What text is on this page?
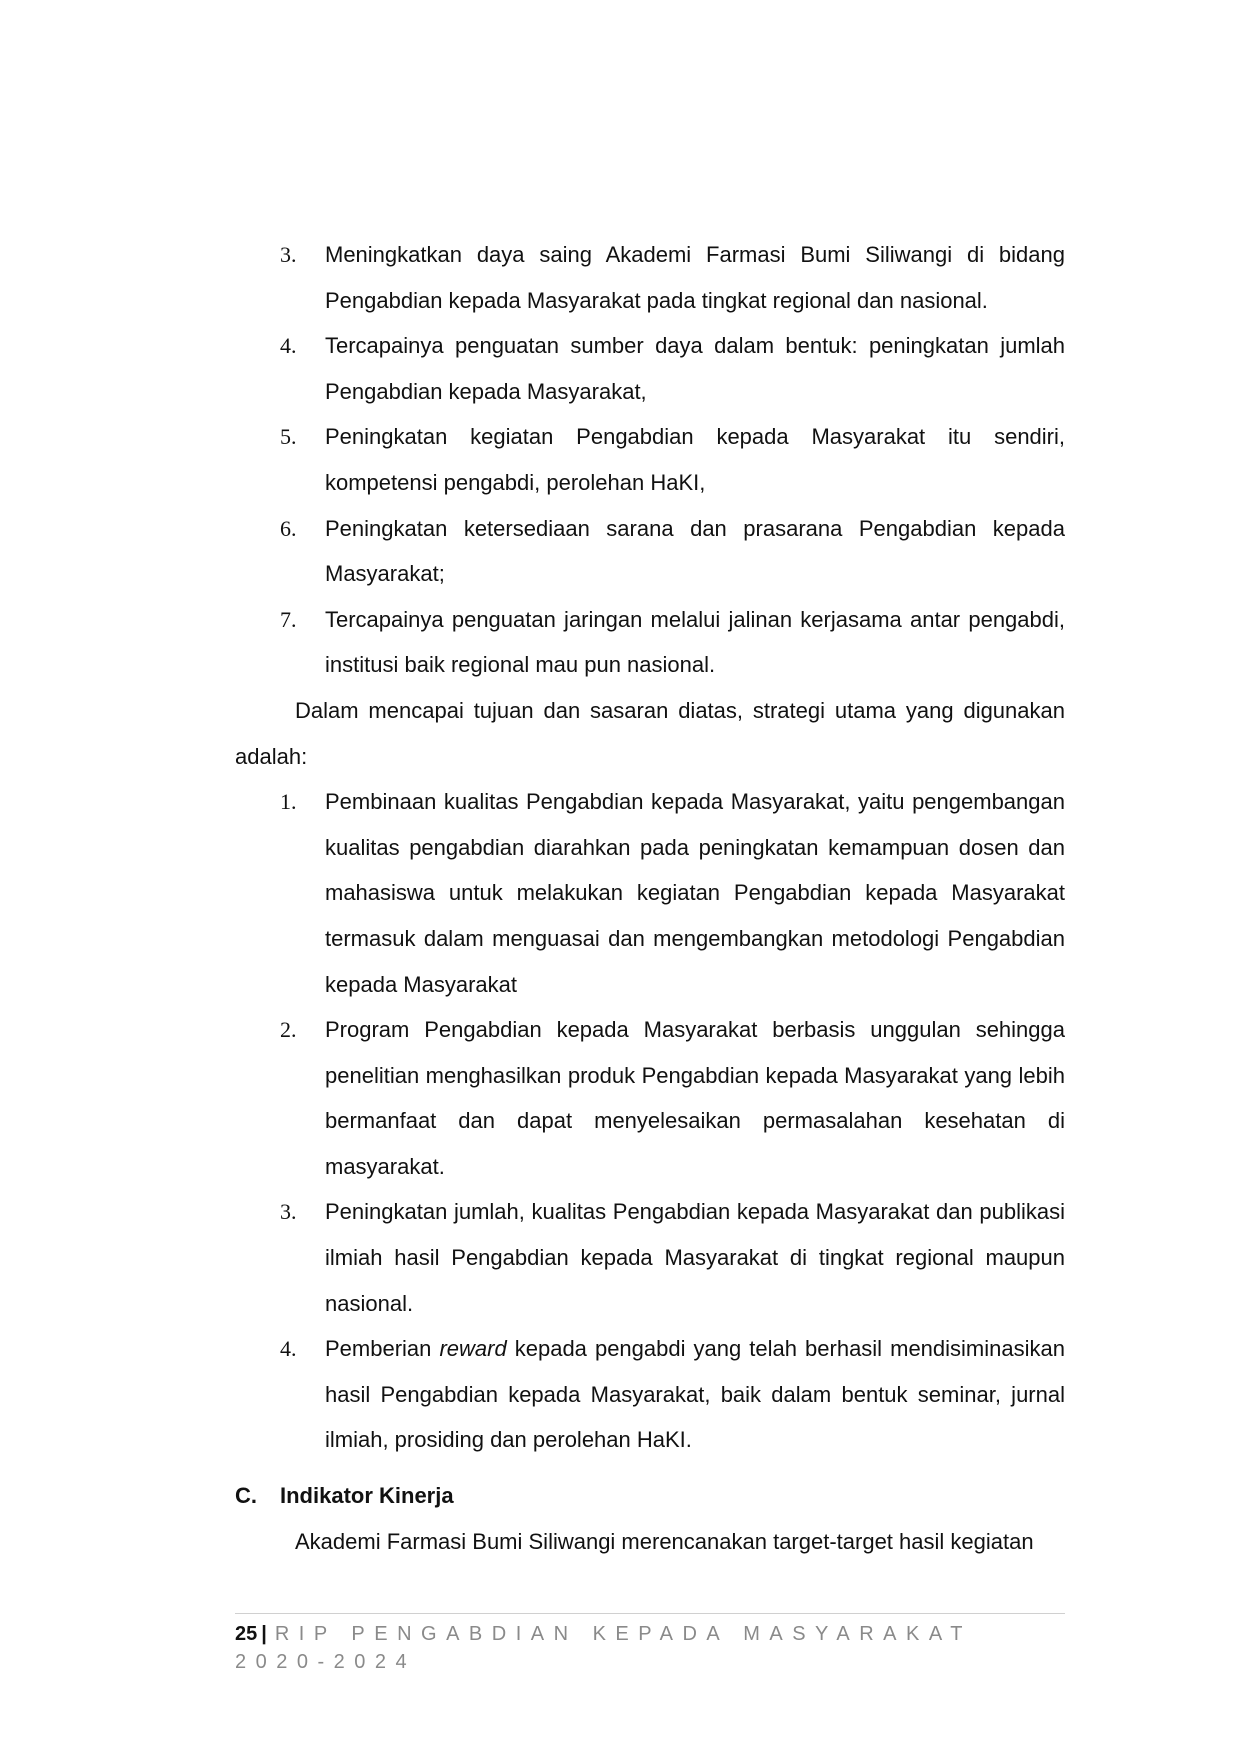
3. Meningkatkan daya saing Akademi Farmasi Bumi Siliwangi di bidang Pengabdian kepada Masyarakat pada tingkat regional dan nasional.
4. Tercapainya penguatan sumber daya dalam bentuk: peningkatan jumlah Pengabdian kepada Masyarakat,
5. Peningkatan kegiatan Pengabdian kepada Masyarakat itu sendiri, kompetensi pengabdi, perolehan HaKI,
6. Peningkatan ketersediaan sarana dan prasarana Pengabdian kepada Masyarakat;
7. Tercapainya penguatan jaringan melalui jalinan kerjasama antar pengabdi, institusi baik regional mau pun nasional.

Dalam mencapai tujuan dan sasaran diatas, strategi utama yang digunakan adalah:

1. Pembinaan kualitas Pengabdian kepada Masyarakat, yaitu pengembangan kualitas pengabdian diarahkan pada peningkatan kemampuan dosen dan mahasiswa untuk melakukan kegiatan Pengabdian kepada Masyarakat termasuk dalam menguasai dan mengembangkan metodologi Pengabdian kepada Masyarakat
2. Program Pengabdian kepada Masyarakat berbasis unggulan sehingga penelitian menghasilkan produk Pengabdian kepada Masyarakat yang lebih bermanfaat dan dapat menyelesaikan permasalahan kesehatan di masyarakat.
3. Peningkatan jumlah, kualitas Pengabdian kepada Masyarakat dan publikasi ilmiah hasil Pengabdian kepada Masyarakat di tingkat regional maupun nasional.
4. Pemberian reward kepada pengabdi yang telah berhasil mendisiminasikan hasil Pengabdian kepada Masyarakat, baik dalam bentuk seminar, jurnal ilmiah, prosiding dan perolehan HaKI.
C. Indikator Kinerja

Akademi Farmasi Bumi Siliwangi merencanakan target-target hasil kegiatan

25 | RIP PENGABDIAN KEPADA MASYARAKAT 2020-2024
